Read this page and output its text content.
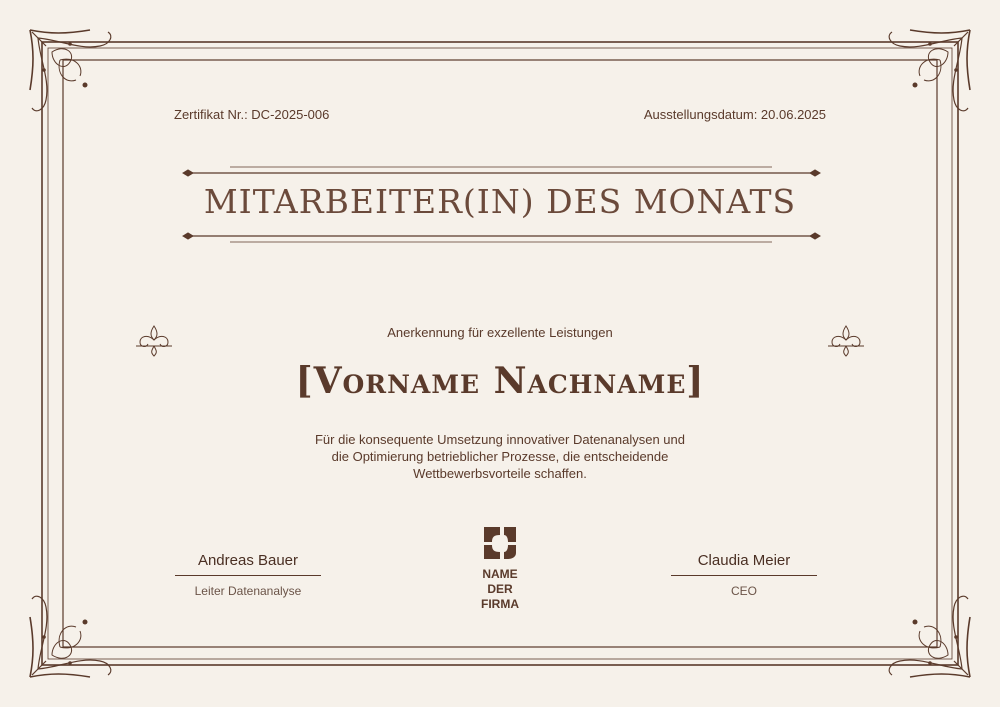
Zertifikat Nr.: DC-2025-006	Ausstellungsdatum: 20.06.2025
MITARBEITER(IN) DES MONATS
Anerkennung für exzellente Leistungen
[Vorname Nachname]
Für die konsequente Umsetzung innovativer Datenanalysen und
die Optimierung betrieblicher Prozesse, die entscheidende
Wettbewerbsvorteile schaffen.
Andreas Bauer
Leiter Datenanalyse
NAME
DER
FIRMA
Claudia Meier
CEO
